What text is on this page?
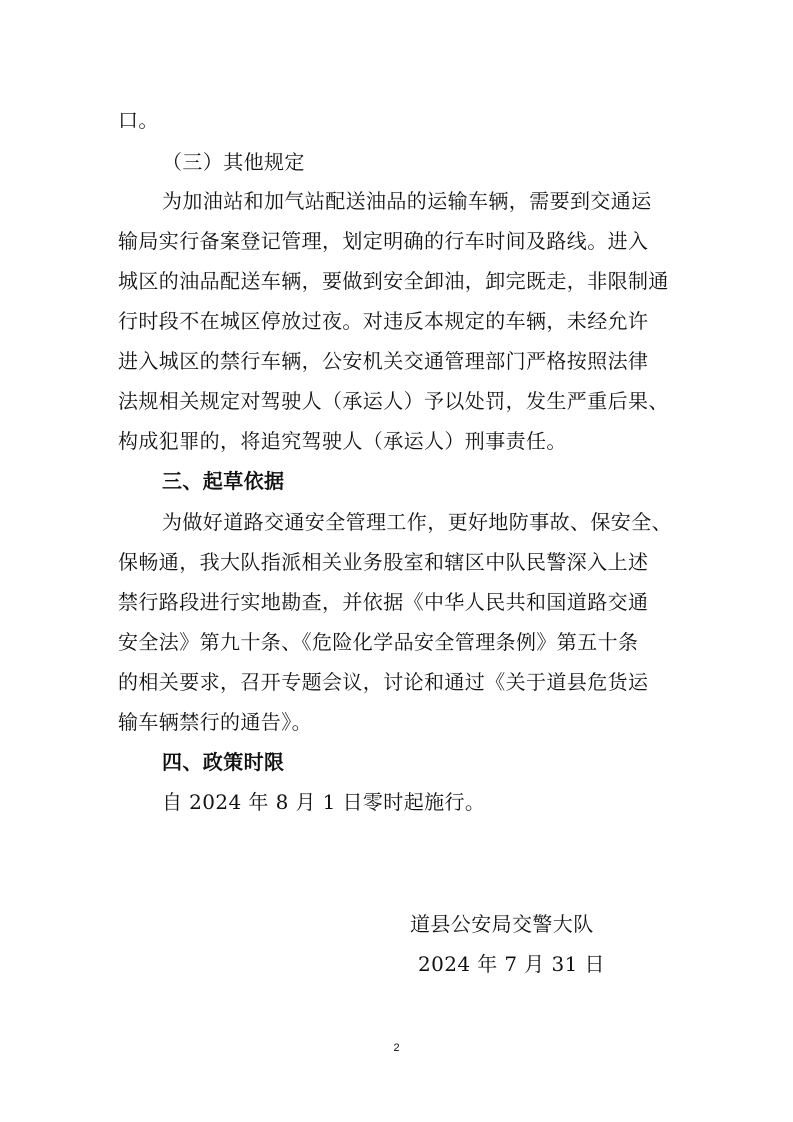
口。
（三）其他规定
为加油站和加气站配送油品的运输车辆，需要到交通运
输局实行备案登记管理，划定明确的行车时间及路线。进入
城区的油品配送车辆，要做到安全卸油，卸完既走，非限制通
行时段不在城区停放过夜。对违反本规定的车辆，未经允许
进入城区的禁行车辆，公安机关交通管理部门严格按照法律
法规相关规定对驾驶人（承运人）予以处罚，发生严重后果、
构成犯罪的，将追究驾驶人（承运人）刑事责任。
三、起草依据
为做好道路交通安全管理工作，更好地防事故、保安全、
保畅通，我大队指派相关业务股室和辖区中队民警深入上述
禁行路段进行实地勘查，并依据《中华人民共和国道路交通
安全法》第九十条、《危险化学品安全管理条例》第五十条
的相关要求，召开专题会议，讨论和通过《关于道县危货运
输车辆禁行的通告》。
四、政策时限
自 2024 年 8 月 1 日零时起施行。
道县公安局交警大队
2024 年 7 月 31 日
2
